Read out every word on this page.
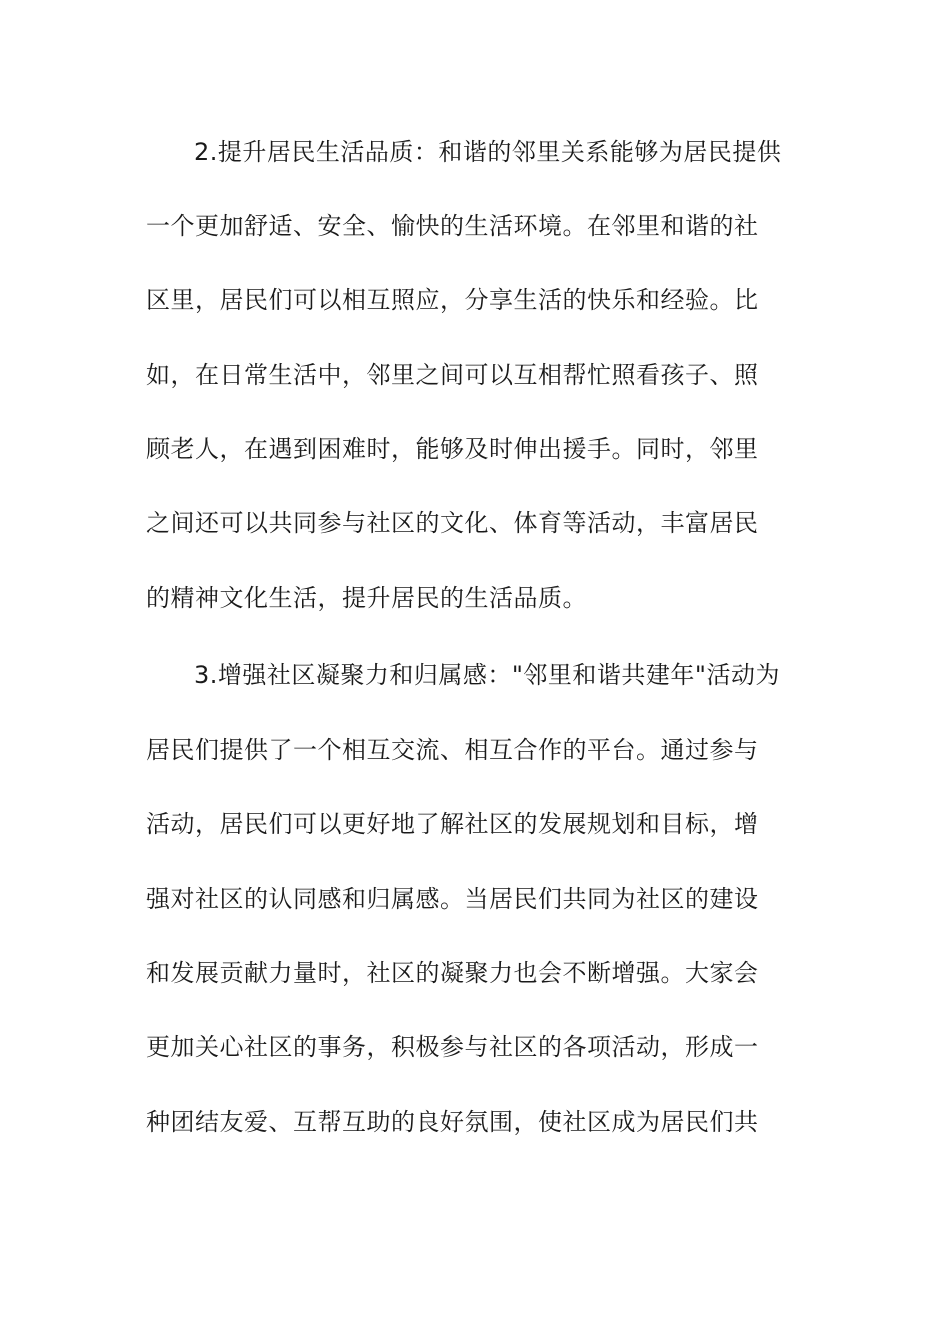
2.提升居民生活品质：和谐的邻里关系能够为居民提供
一个更加舒适、安全、愉快的生活环境。在邻里和谐的社
区里，居民们可以相互照应，分享生活的快乐和经验。比
如，在日常生活中，邻里之间可以互相帮忙照看孩子、照
顾老人，在遇到困难时，能够及时伸出援手。同时，邻里
之间还可以共同参与社区的文化、体育等活动，丰富居民
的精神文化生活，提升居民的生活品质。
3.增强社区凝聚力和归属感："邻里和谐共建年"活动为
居民们提供了一个相互交流、相互合作的平台。通过参与
活动，居民们可以更好地了解社区的发展规划和目标，增
强对社区的认同感和归属感。当居民们共同为社区的建设
和发展贡献力量时，社区的凝聚力也会不断增强。大家会
更加关心社区的事务，积极参与社区的各项活动，形成一
种团结友爱、互帮互助的良好氛围，使社区成为居民们共
